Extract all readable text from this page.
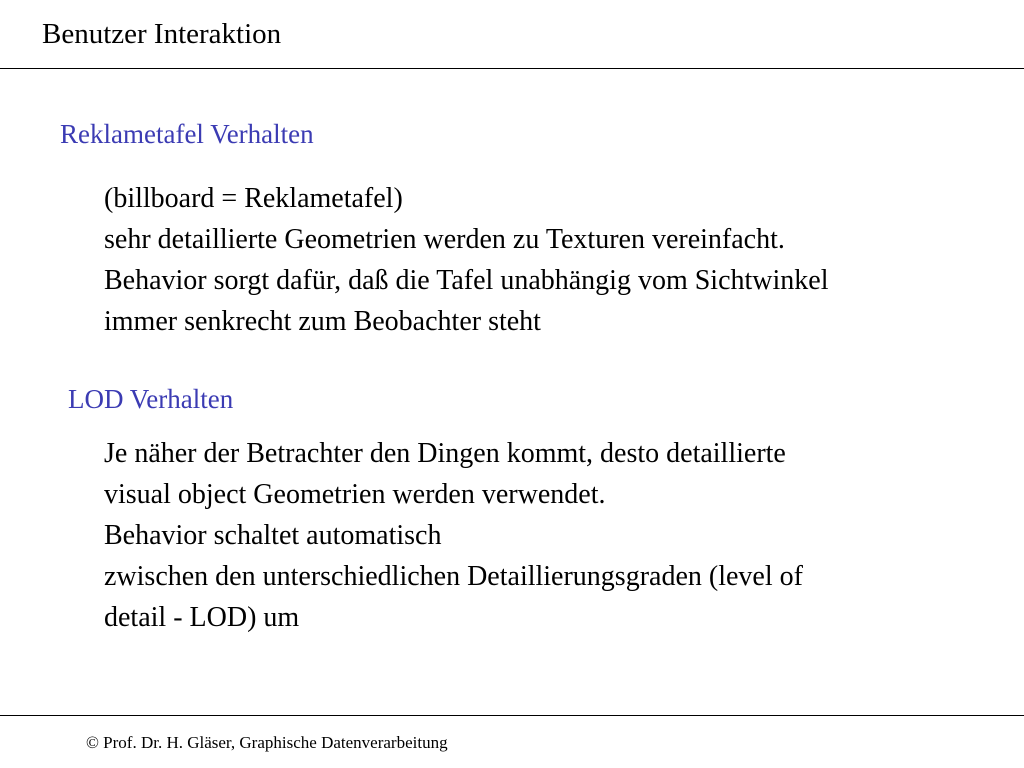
Benutzer Interaktion
Reklametafel Verhalten
(billboard = Reklametafel)
sehr detaillierte Geometrien werden zu Texturen vereinfacht.
Behavior sorgt dafür, daß die Tafel unabhängig vom Sichtwinkel
immer senkrecht zum Beobachter steht
LOD Verhalten
Je näher der Betrachter den Dingen kommt, desto detaillierte
visual object Geometrien werden verwendet.
Behavior schaltet automatisch
zwischen den unterschiedlichen Detaillierungsgraden (level of
detail - LOD) um
© Prof. Dr. H. Gläser, Graphische Datenverarbeitung
